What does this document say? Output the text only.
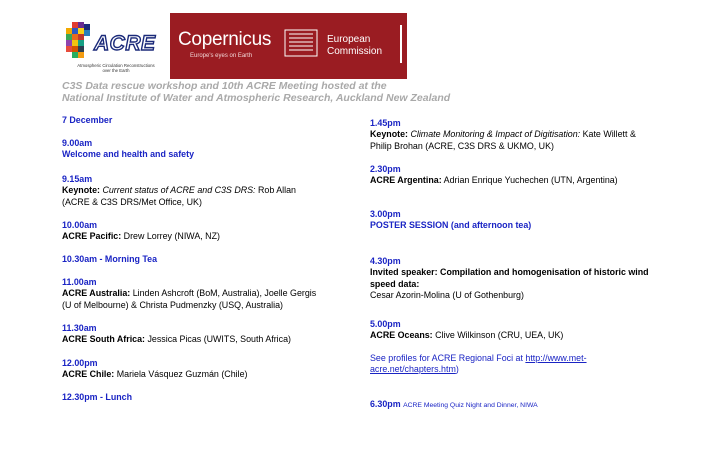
ACRE
Atmospheric Circulation Reconstructions over the Earth
Copernicus
Europe's eyes on Earth
European
Commission
C3S Data rescue workshop and 10th ACRE Meeting hosted at the
National Institute of Water and Atmospheric Research, Auckland New Zealand
7 December
9.00am
Welcome and health and safety
9.15am
Keynote: Current status of ACRE and C3S DRS: Rob Allan (ACRE & C3S DRS/Met Office, UK)
10.00am
ACRE Pacific: Drew Lorrey (NIWA, NZ)
10.30am - Morning Tea
11.00am
ACRE Australia: Linden Ashcroft (BoM, Australia), Joelle Gergis (U of Melbourne) & Christa Pudmenzky (USQ, Australia)
11.30am
ACRE South Africa: Jessica Picas (UWITS, South Africa)
12.00pm
ACRE Chile: Mariela Vásquez Guzmán (Chile)
12.30pm - Lunch
1.45pm
Keynote: Climate Monitoring & Impact of Digitisation: Kate Willett & Philip Brohan (ACRE, C3S DRS & UKMO, UK)
2.30pm
ACRE Argentina: Adrian Enrique Yuchechen (UTN, Argentina)
3.00pm
POSTER SESSION (and afternoon tea)
4.30pm
Invited speaker: Compilation and homogenisation of historic wind speed data:
Cesar Azorin-Molina (U of Gothenburg)
5.00pm
ACRE Oceans: Clive Wilkinson (CRU, UEA, UK)
See profiles for ACRE Regional Foci at http://www.met-acre.net/chapters.htm)
6.30pm ACRE Meeting Quiz Night and Dinner, NIWA
